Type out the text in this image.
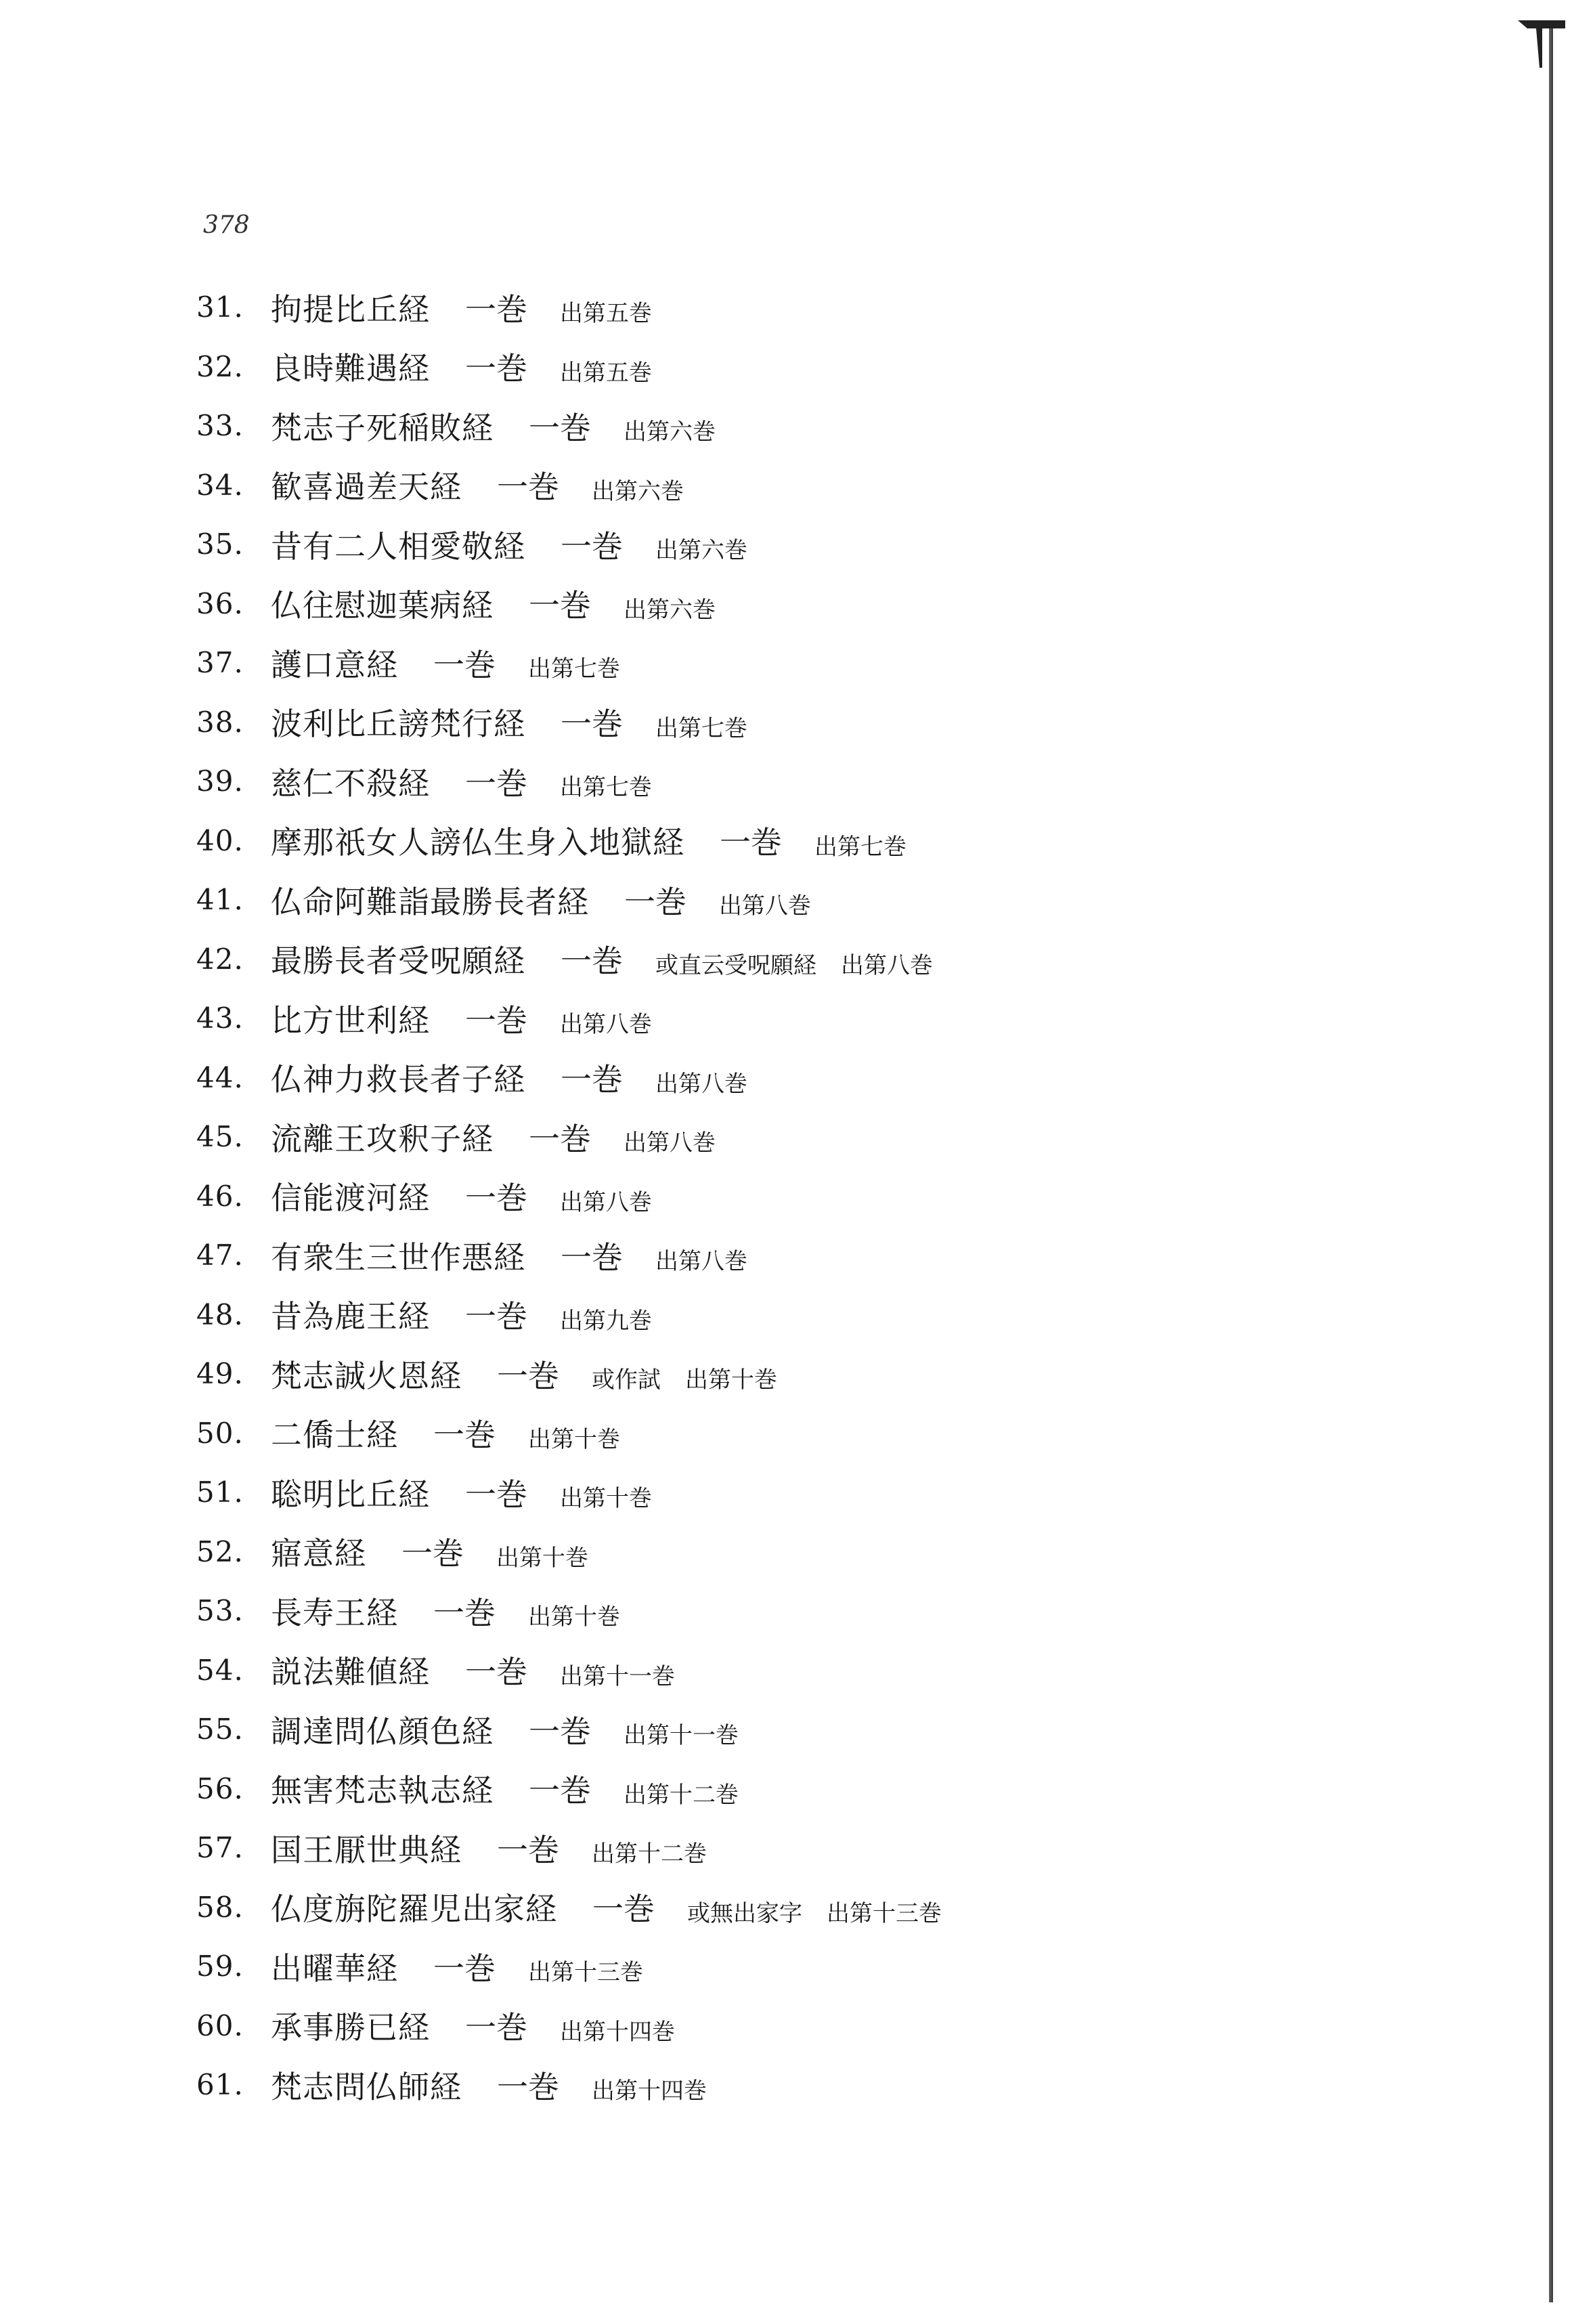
378
31. 拘提比丘経 一巻 出第五巻
32. 良時難遇経 一巻 出第五巻
33. 梵志子死稲敗経 一巻 出第六巻
34. 歓喜過差天経 一巻 出第六巻
35. 昔有二人相愛敬経 一巻 出第六巻
36. 仏往慰迦葉病経 一巻 出第六巻
37. 護口意経 一巻 出第七巻
38. 波利比丘謗梵行経 一巻 出第七巻
39. 慈仁不殺経 一巻 出第七巻
40. 摩那祇女人謗仏生身入地獄経 一巻 出第七巻
41. 仏命阿難詣最勝長者経 一巻 出第八巻
42. 最勝長者受呪願経 一巻 或直云受呪願経 出第八巻
43. 比方世利経 一巻 出第八巻
44. 仏神力救長者子経 一巻 出第八巻
45. 流離王攻釈子経 一巻 出第八巻
46. 信能渡河経 一巻 出第八巻
47. 有衆生三世作悪経 一巻 出第八巻
48. 昔為鹿王経 一巻 出第九巻
49. 梵志誠火恩経 一巻 或作試 出第十巻
50. 二僑士経 一巻 出第十巻
51. 聡明比丘経 一巻 出第十巻
52. 寤意経 一巻 出第十巻
53. 長寿王経 一巻 出第十巻
54. 説法難値経 一巻 出第十一巻
55. 調達問仏顔色経 一巻 出第十一巻
56. 無害梵志執志経 一巻 出第十二巻
57. 国王厭世典経 一巻 出第十二巻
58. 仏度旃陀羅児出家経 一巻 或無出家字 出第十三巻
59. 出曜華経 一巻 出第十三巻
60. 承事勝已経 一巻 出第十四巻
61. 梵志問仏師経 一巻 出第十四巻
